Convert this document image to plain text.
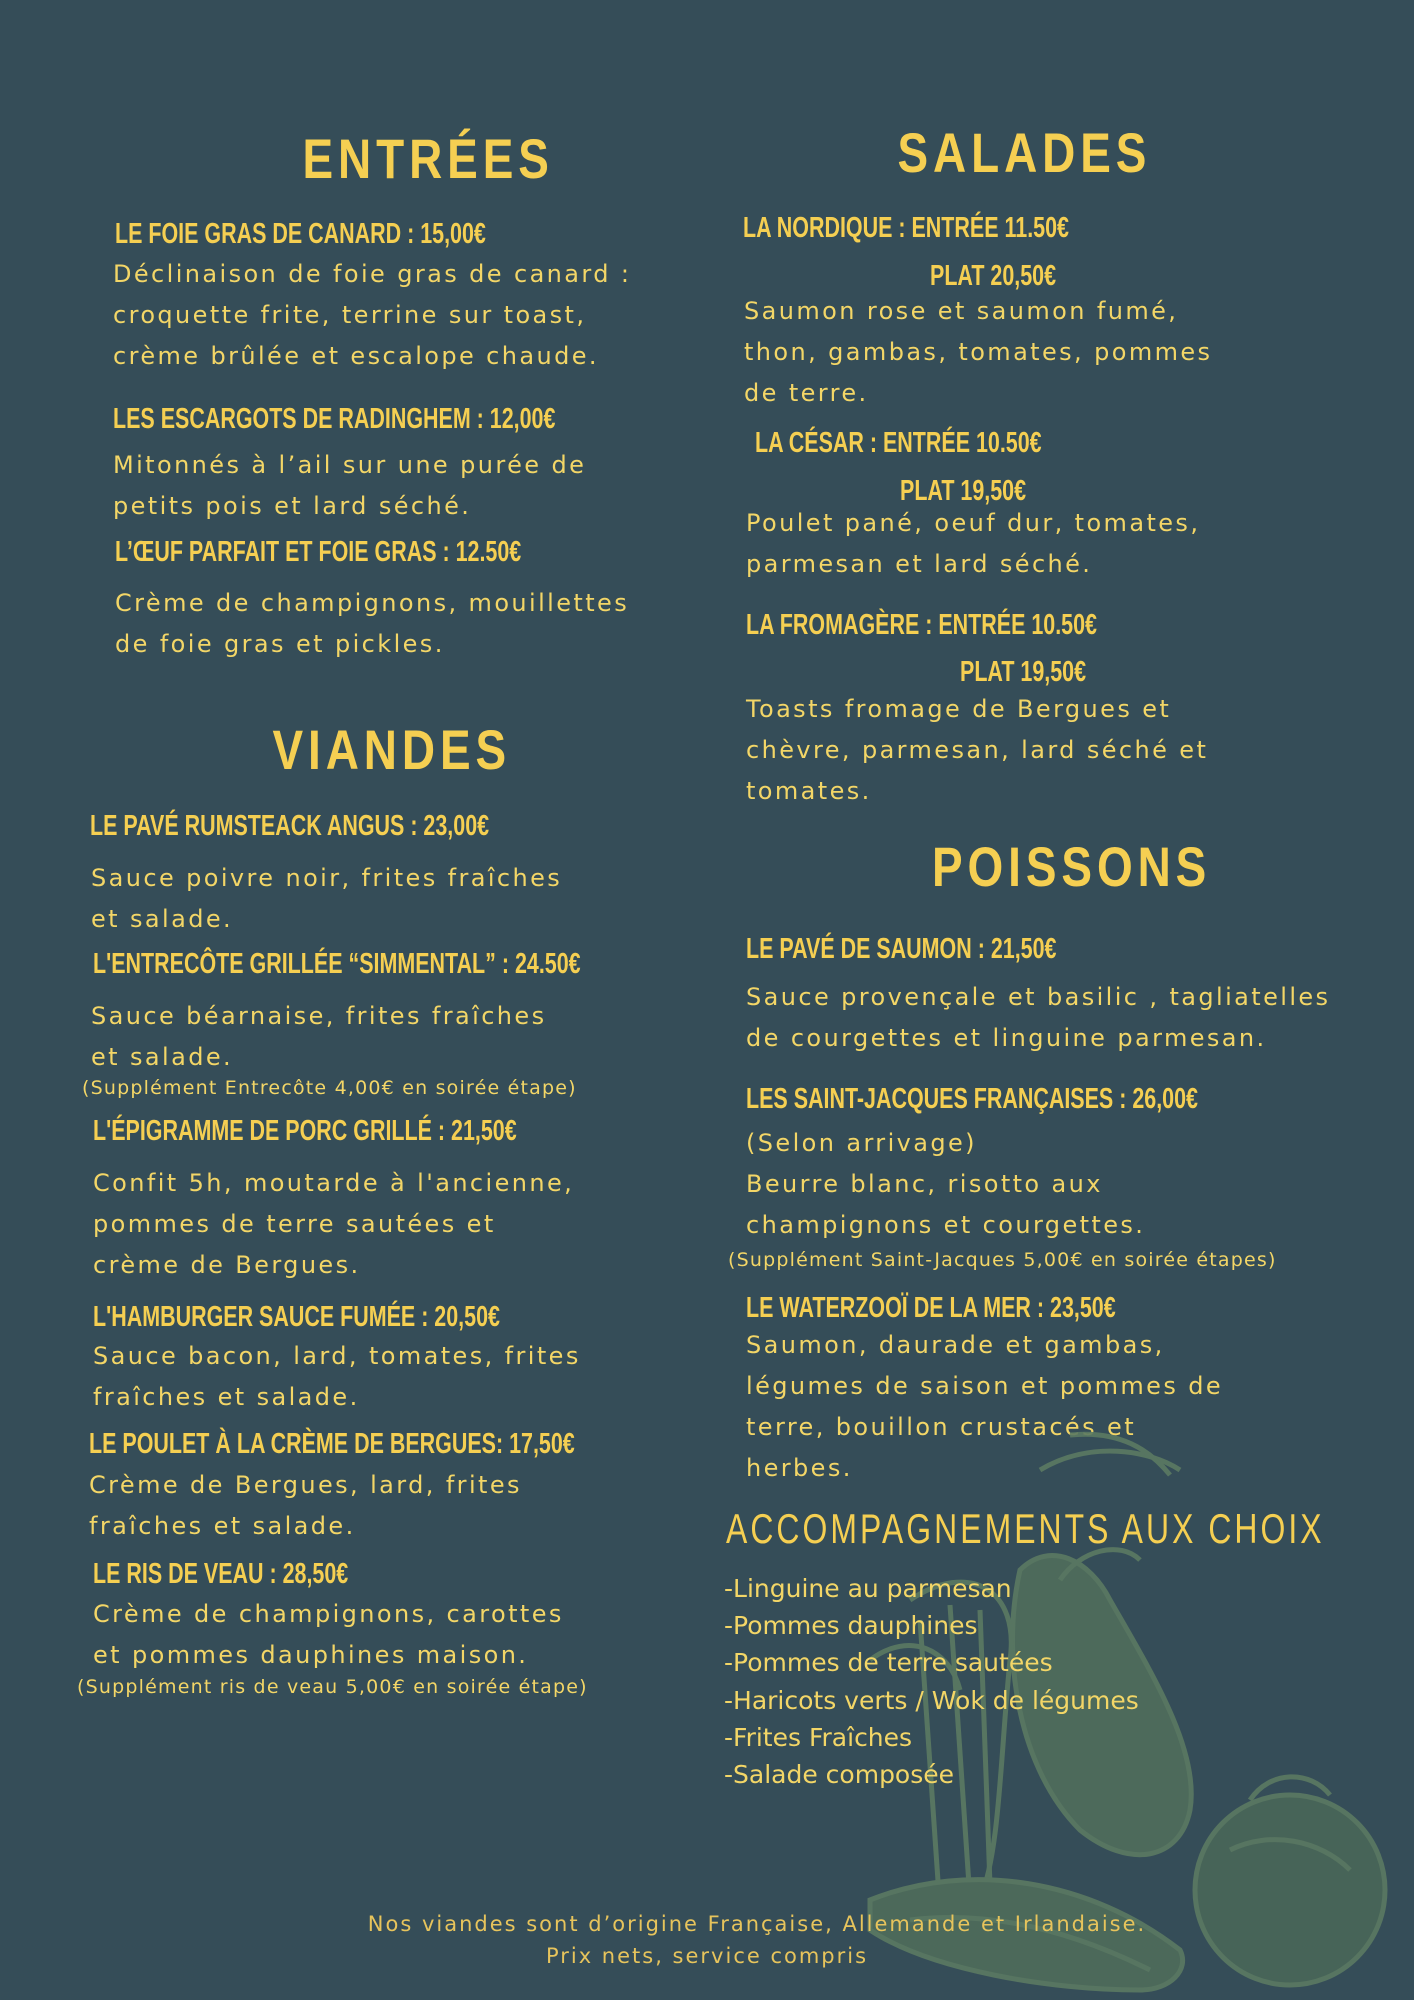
ENTRÉES
LE FOIE GRAS DE CANARD : 15,00€
Déclinaison de foie gras de canard :
croquette frite, terrine sur toast,
crème brûlée et escalope chaude.
LES ESCARGOTS DE RADINGHEM : 12,00€
Mitonnés à l’ail sur une purée de
petits pois et lard séché.
L’ŒUF PARFAIT ET FOIE GRAS : 12.50€
Crème de champignons, mouillettes
de foie gras et pickles.
VIANDES
LE PAVÉ RUMSTEACK ANGUS : 23,00€
Sauce poivre noir, frites fraîches
et salade.
L'ENTRECÔTE GRILLÉE “SIMMENTAL” : 24.50€
Sauce béarnaise, frites fraîches
et salade.
(Supplément Entrecôte 4,00€ en soirée étape)
L'ÉPIGRAMME DE PORC GRILLÉ : 21,50€
Confit 5h, moutarde à l'ancienne,
pommes de terre sautées et
crème de Bergues.
L'HAMBURGER SAUCE FUMÉE : 20,50€
Sauce bacon, lard, tomates, frites
fraîches et salade.
LE POULET À LA CRÈME DE BERGUES: 17,50€
Crème de Bergues, lard, frites
fraîches et salade.
LE RIS DE VEAU : 28,50€
Crème de champignons, carottes
et pommes dauphines maison.
(Supplément ris de veau 5,00€ en soirée étape)
SALADES
LA NORDIQUE : ENTRÉE 11.50€
PLAT 20,50€
Saumon rose et saumon fumé,
thon, gambas, tomates, pommes
de terre.
LA CÉSAR : ENTRÉE 10.50€
PLAT 19,50€
Poulet pané, oeuf dur, tomates,
parmesan et lard séché.
LA FROMAGÈRE : ENTRÉE 10.50€
PLAT 19,50€
Toasts fromage de Bergues et
chèvre, parmesan, lard séché et
tomates.
POISSONS
LE PAVÉ DE SAUMON : 21,50€
Sauce provençale et basilic , tagliatelles
de courgettes et linguine parmesan.
LES SAINT-JACQUES FRANÇAISES : 26,00€
(Selon arrivage)
Beurre blanc, risotto aux
champignons et courgettes.
(Supplément Saint-Jacques 5,00€ en soirée étapes)
LE WATERZOOÏ DE LA MER : 23,50€
Saumon, daurade et gambas,
légumes de saison et pommes de
terre, bouillon crustacés et
herbes.
ACCOMPAGNEMENTS AUX CHOIX
-Linguine au parmesan
-Pommes dauphines
-Pommes de terre sautées
-Haricots verts / Wok de légumes
-Frites Fraîches
-Salade composée
Nos viandes sont d’origine Française, Allemande et Irlandaise.
Prix nets, service compris
